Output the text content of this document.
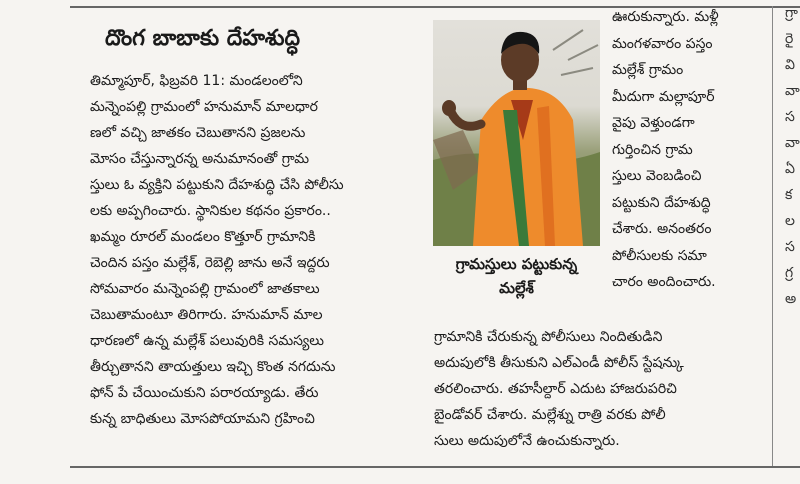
దొంగ బాబాకు దేహశుద్ధి
తిమ్మాపూర్, ఫిబ్రవరి 11: మండలంలోని
మన్నెంపల్లి గ్రామంలో హనుమాన్ మాలధార
ణలో వచ్చి జాతకం చెబుతానని ప్రజలను
మోసం చేస్తున్నారన్న అనుమానంతో గ్రామ
స్తులు ఓ వ్యక్తిని పట్టుకుని దేహశుద్ధి చేసి పోలీసు
లకు అప్పగించారు. స్థానికుల కథనం ప్రకారం..
ఖమ్మం రూరల్ మండలం కొత్తూర్ గ్రామానికి
చెందిన పస్తం మల్లేశ్, రెబెల్లి జాను అనే ఇద్దరు
సోమవారం మన్నెంపల్లి గ్రామంలో జాతకాలు
చెబుతామంటూ తిరిగారు. హనుమాన్ మాల
ధారణలో ఉన్న మల్లేశ్ పలువురికి సమస్యలు
తీర్చుతానని తాయత్తులు ఇచ్చి కొంత నగదును
ఫోన్ పే చేయించుకుని పరారయ్యాడు. తేరు
కున్న బాధితులు మోసపోయామని గ్రహించి
గ్రామస్తులు పట్టుకున్న
మల్లేశ్
ఊరుకున్నారు. మళ్లీ
మంగళవారం పస్తం
మల్లేశ్ గ్రామం
మీదుగా మల్లాపూర్
వైపు వెళ్తుండగా
గుర్తించిన గ్రామ
స్తులు వెంబడించి
పట్టుకుని దేహశుద్ధి
చేశారు. అనంతరం
పోలీసులకు సమా
చారం అందించారు.
గ్రామానికి చేరుకున్న పోలీసులు నిందితుడిని
అదుపులోకి తీసుకుని ఎల్ఎండీ పోలీస్ స్టేషన్కు
తరలించారు. తహసీల్దార్ ఎదుట హాజరుపరిచి
బైండోవర్ చేశారు. మల్లేశ్ను రాత్రి వరకు పోలీ
సులు అదుపులోనే ఉంచుకున్నారు.
గ్రా
రై
వి
వా
స
వా
ఏ
క
ల
స
గ్ర
అ
